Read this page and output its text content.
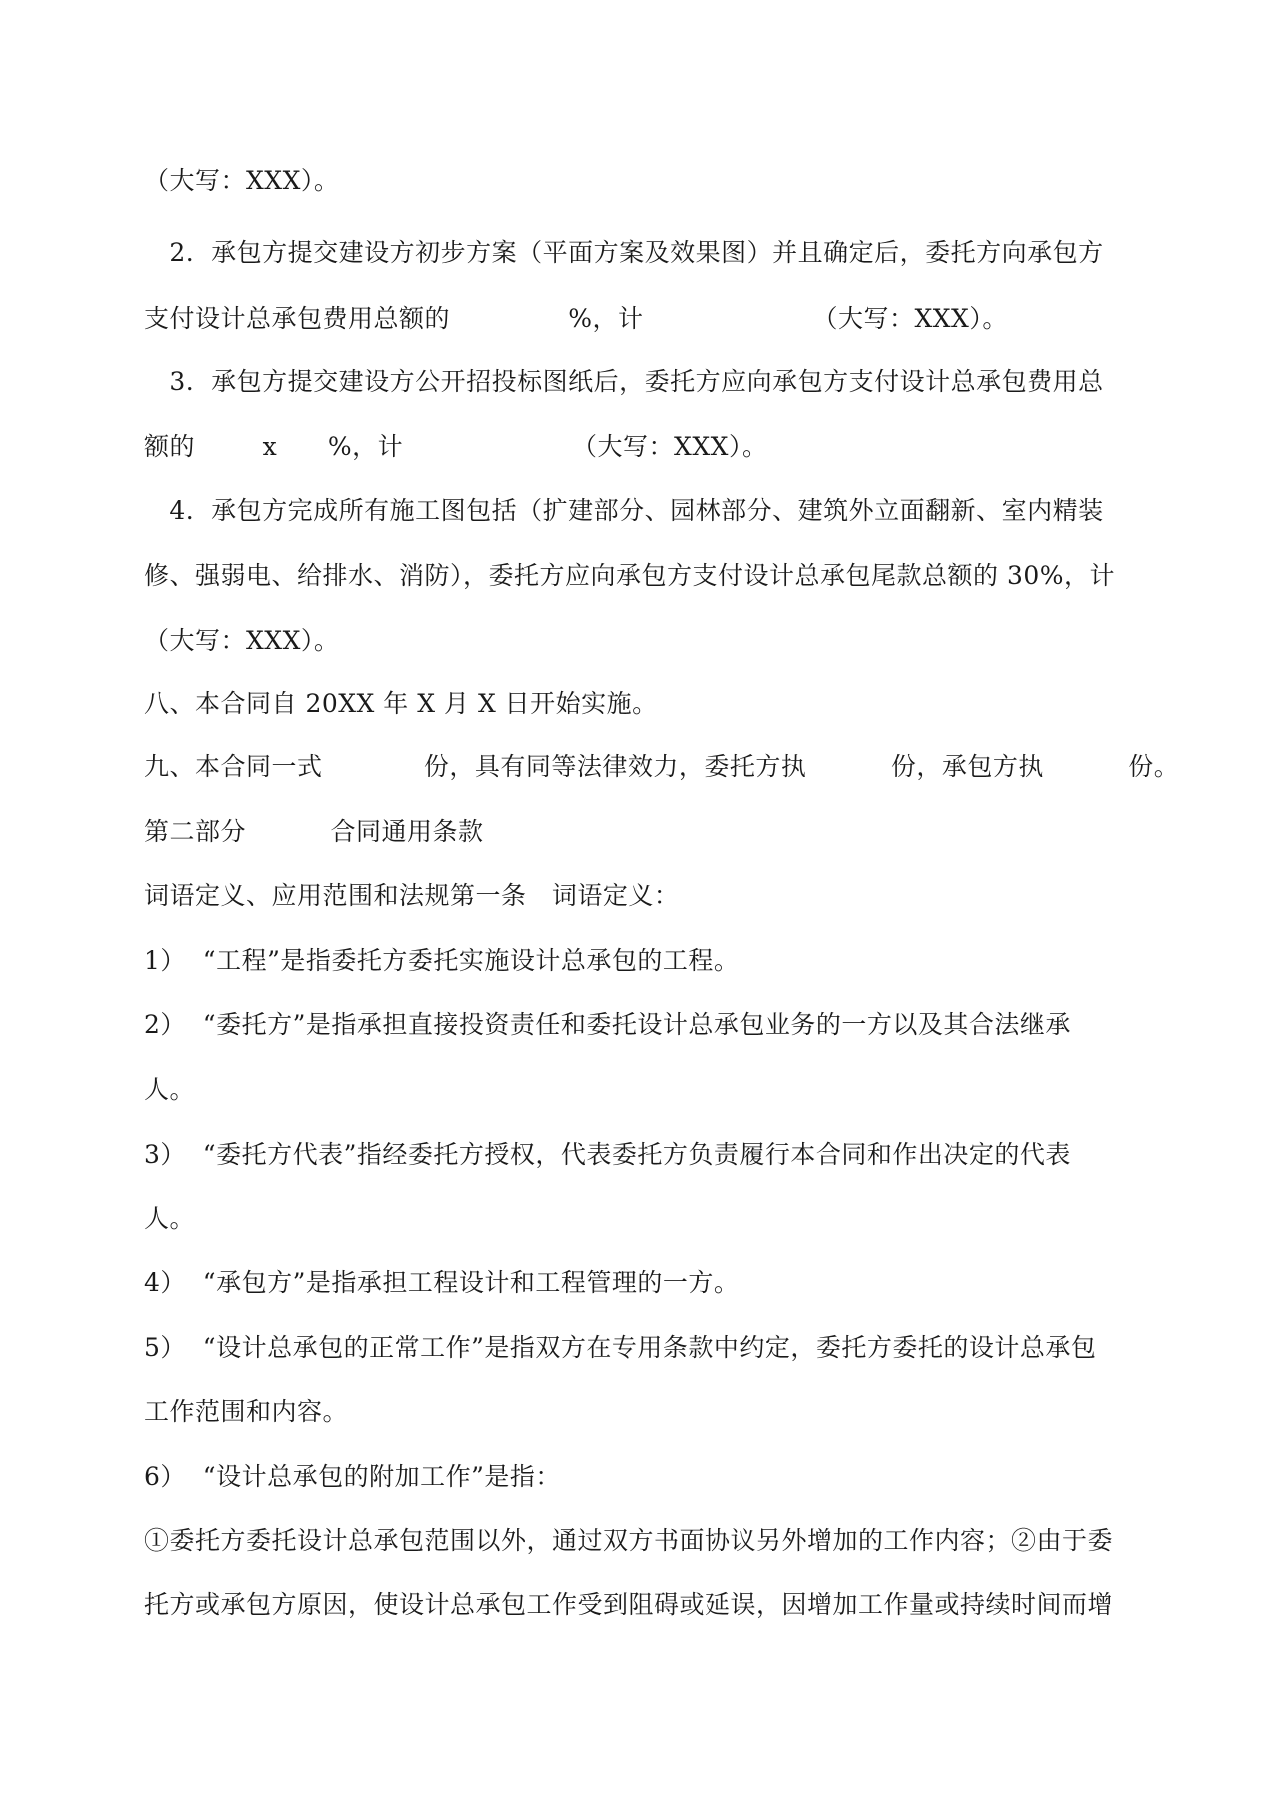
（大写：XXX）。
2.  承包方提交建设方初步方案（平面方案及效果图）并且确定后，委托方向承包方
支付设计总承包费用总额的              %，计                    （大写：XXX）。
3.  承包方提交建设方公开招投标图纸后，委托方应向承包方支付设计总承包费用总
额的        x      %，计                    （大写：XXX）。
4.  承包方完成所有施工图包括（扩建部分、园林部分、建筑外立面翻新、室内精装
修、强弱电、给排水、消防），委托方应向承包方支付设计总承包尾款总额的 30%，计
（大写：XXX）。
八、本合同自 20XX 年 X 月 X 日开始实施。
九、本合同一式            份，具有同等法律效力，委托方执          份，承包方执          份。
第二部分          合同通用条款
词语定义、应用范围和法规第一条   词语定义：
1）  “工程”是指委托方委托实施设计总承包的工程。
2）  “委托方”是指承担直接投资责任和委托设计总承包业务的一方以及其合法继承
人。
3）  “委托方代表”指经委托方授权，代表委托方负责履行本合同和作出决定的代表
人。
4）  “承包方”是指承担工程设计和工程管理的一方。
5）  “设计总承包的正常工作”是指双方在专用条款中约定，委托方委托的设计总承包
工作范围和内容。
6）  “设计总承包的附加工作”是指：
①委托方委托设计总承包范围以外，通过双方书面协议另外增加的工作内容；②由于委
托方或承包方原因，使设计总承包工作受到阻碍或延误，因增加工作量或持续时间而增
